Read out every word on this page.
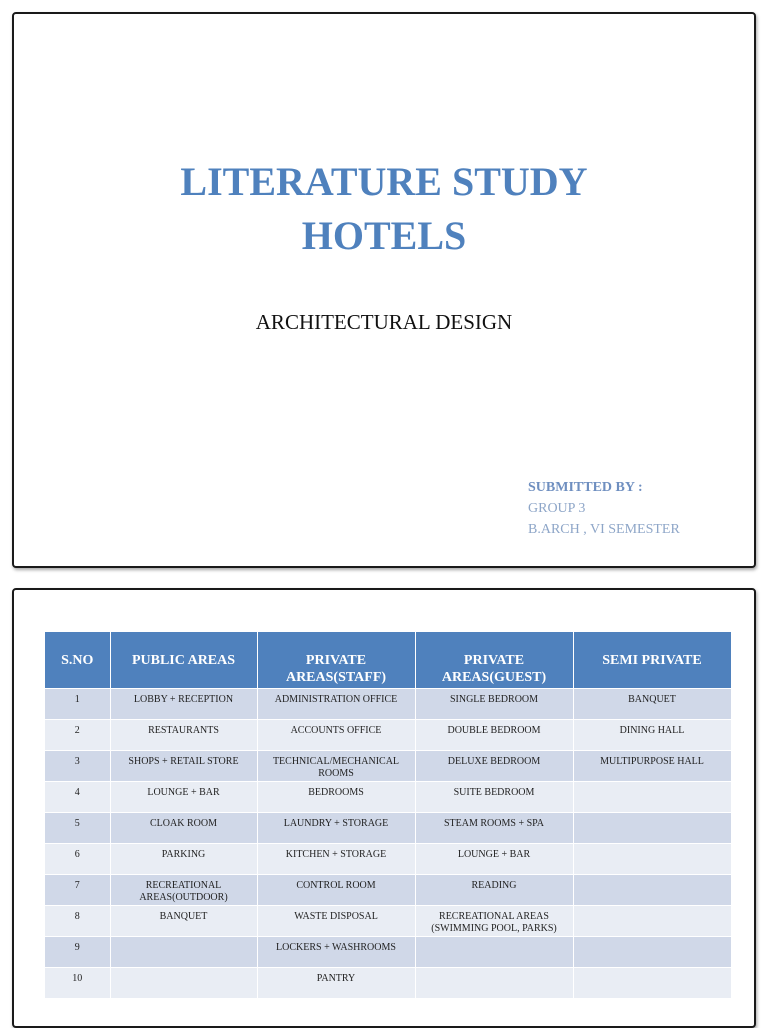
LITERATURE STUDY
HOTELS
ARCHITECTURAL DESIGN
SUBMITTED BY :
GROUP 3
B.ARCH , VI SEMESTER
S.NO	PUBLIC AREAS	PRIVATE AREAS(STAFF)	PRIVATE AREAS(GUEST)	SEMI PRIVATE
1	LOBBY + RECEPTION	ADMINISTRATION OFFICE	SINGLE BEDROOM	BANQUET
2	RESTAURANTS	ACCOUNTS OFFICE	DOUBLE BEDROOM	DINING HALL
3	SHOPS + RETAIL STORE	TECHNICAL/MECHANICAL ROOMS	DELUXE BEDROOM	MULTIPURPOSE HALL
4	LOUNGE + BAR	BEDROOMS	SUITE BEDROOM	
5	CLOAK ROOM	LAUNDRY + STORAGE	STEAM ROOMS + SPA	
6	PARKING	KITCHEN + STORAGE	LOUNGE + BAR	
7	RECREATIONAL AREAS(OUTDOOR)	CONTROL ROOM	READING	
8	BANQUET	WASTE DISPOSAL	RECREATIONAL AREAS (SWIMMING POOL, PARKS)	
9		LOCKERS + WASHROOMS		
10		PANTRY		
